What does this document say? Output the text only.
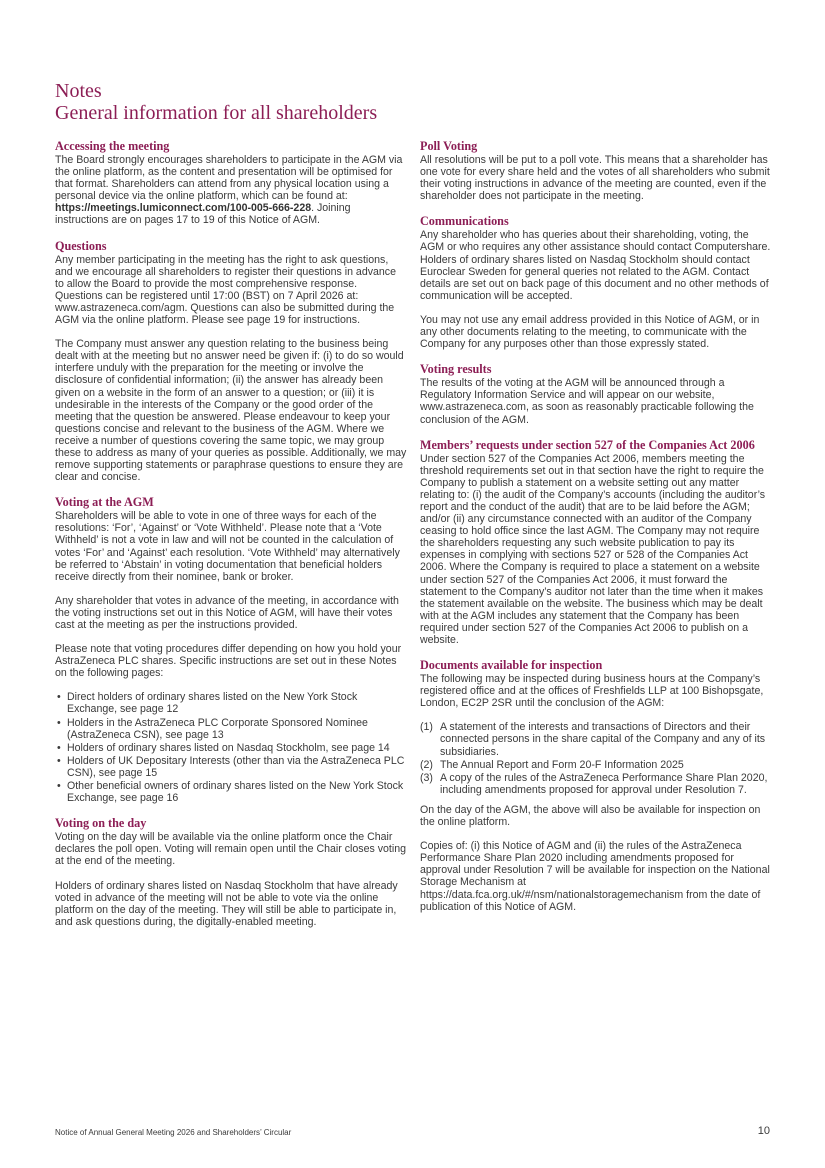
Notes
General information for all shareholders
Accessing the meeting

The Board strongly encourages shareholders to participate in the AGM via the online platform, as the content and presentation will be optimised for that format. Shareholders can attend from any physical location using a personal device via the online platform, which can be found at: https://meetings.lumiconnect.com/100-005-666-228. Joining instructions are on pages 17 to 19 of this Notice of AGM.

Questions

Any member participating in the meeting has the right to ask questions, and we encourage all shareholders to register their questions in advance to allow the Board to provide the most comprehensive response. Questions can be registered until 17:00 (BST) on 7 April 2026 at: www.astrazeneca.com/agm. Questions can also be submitted during the AGM via the online platform. Please see page 19 for instructions.

The Company must answer any question relating to the business being dealt with at the meeting but no answer need be given if: (i) to do so would interfere unduly with the preparation for the meeting or involve the disclosure of confidential information; (ii) the answer has already been given on a website in the form of an answer to a question; or (iii) it is undesirable in the interests of the Company or the good order of the meeting that the question be answered. Please endeavour to keep your questions concise and relevant to the business of the AGM. Where we receive a number of questions covering the same topic, we may group these to address as many of your queries as possible. Additionally, we may remove supporting statements or paraphrase questions to ensure they are clear and concise.

Voting at the AGM

Shareholders will be able to vote in one of three ways for each of the resolutions: ‘For’, ‘Against’ or ‘Vote Withheld’. Please note that a ‘Vote Withheld’ is not a vote in law and will not be counted in the calculation of votes ‘For’ and ‘Against’ each resolution. ‘Vote Withheld’ may alternatively be referred to ‘Abstain’ in voting documentation that beneficial holders receive directly from their nominee, bank or broker.

Any shareholder that votes in advance of the meeting, in accordance with the voting instructions set out in this Notice of AGM, will have their votes cast at the meeting as per the instructions provided.

Please note that voting procedures differ depending on how you hold your AstraZeneca PLC shares. Specific instructions are set out in these Notes on the following pages:

• Direct holders of ordinary shares listed on the New York Stock Exchange, see page 12
• Holders in the AstraZeneca PLC Corporate Sponsored Nominee (AstraZeneca CSN), see page 13
• Holders of ordinary shares listed on Nasdaq Stockholm, see page 14
• Holders of UK Depositary Interests (other than via the AstraZeneca PLC CSN), see page 15
• Other beneficial owners of ordinary shares listed on the New York Stock Exchange, see page 16
Voting on the day

Voting on the day will be available via the online platform once the Chair declares the poll open. Voting will remain open until the Chair closes voting at the end of the meeting.

Holders of ordinary shares listed on Nasdaq Stockholm that have already voted in advance of the meeting will not be able to vote via the online platform on the day of the meeting. They will still be able to participate in, and ask questions during, the digitally-enabled meeting.

Poll Voting

All resolutions will be put to a poll vote. This means that a shareholder has one vote for every share held and the votes of all shareholders who submit their voting instructions in advance of the meeting are counted, even if the shareholder does not participate in the meeting.

Communications

Any shareholder who has queries about their shareholding, voting, the AGM or who requires any other assistance should contact Computershare. Holders of ordinary shares listed on Nasdaq Stockholm should contact Euroclear Sweden for general queries not related to the AGM. Contact details are set out on back page of this document and no other methods of communication will be accepted.

You may not use any email address provided in this Notice of AGM, or in any other documents relating to the meeting, to communicate with the Company for any purposes other than those expressly stated.

Voting results

The results of the voting at the AGM will be announced through a Regulatory Information Service and will appear on our website, www.astrazeneca.com, as soon as reasonably practicable following the conclusion of the AGM.

Members’ requests under section 527 of the Companies Act 2006

Under section 527 of the Companies Act 2006, members meeting the threshold requirements set out in that section have the right to require the Company to publish a statement on a website setting out any matter relating to: (i) the audit of the Company’s accounts (including the auditor’s report and the conduct of the audit) that are to be laid before the AGM; and/or (ii) any circumstance connected with an auditor of the Company ceasing to hold office since the last AGM. The Company may not require the shareholders requesting any such website publication to pay its expenses in complying with sections 527 or 528 of the Companies Act 2006. Where the Company is required to place a statement on a website under section 527 of the Companies Act 2006, it must forward the statement to the Company’s auditor not later than the time when it makes the statement available on the website. The business which may be dealt with at the AGM includes any statement that the Company has been required under section 527 of the Companies Act 2006 to publish on a website.

Documents available for inspection

The following may be inspected during business hours at the Company’s registered office and at the offices of Freshfields LLP at 100 Bishopsgate, London, EC2P 2SR until the conclusion of the AGM:

(1) A statement of the interests and transactions of Directors and their connected persons in the share capital of the Company and any of its subsidiaries.
(2) The Annual Report and Form 20-F Information 2025
(3) A copy of the rules of the AstraZeneca Performance Share Plan 2020, including amendments proposed for approval under Resolution 7.

On the day of the AGM, the above will also be available for inspection on the online platform.

Copies of: (i) this Notice of AGM and (ii) the rules of the AstraZeneca Performance Share Plan 2020 including amendments proposed for approval under Resolution 7 will be available for inspection on the National Storage Mechanism at https://data.fca.org.uk/#/nsm/nationalstoragemechanism from the date of publication of this Notice of AGM.

Notice of Annual General Meeting 2026 and Shareholders’ Circular	10
